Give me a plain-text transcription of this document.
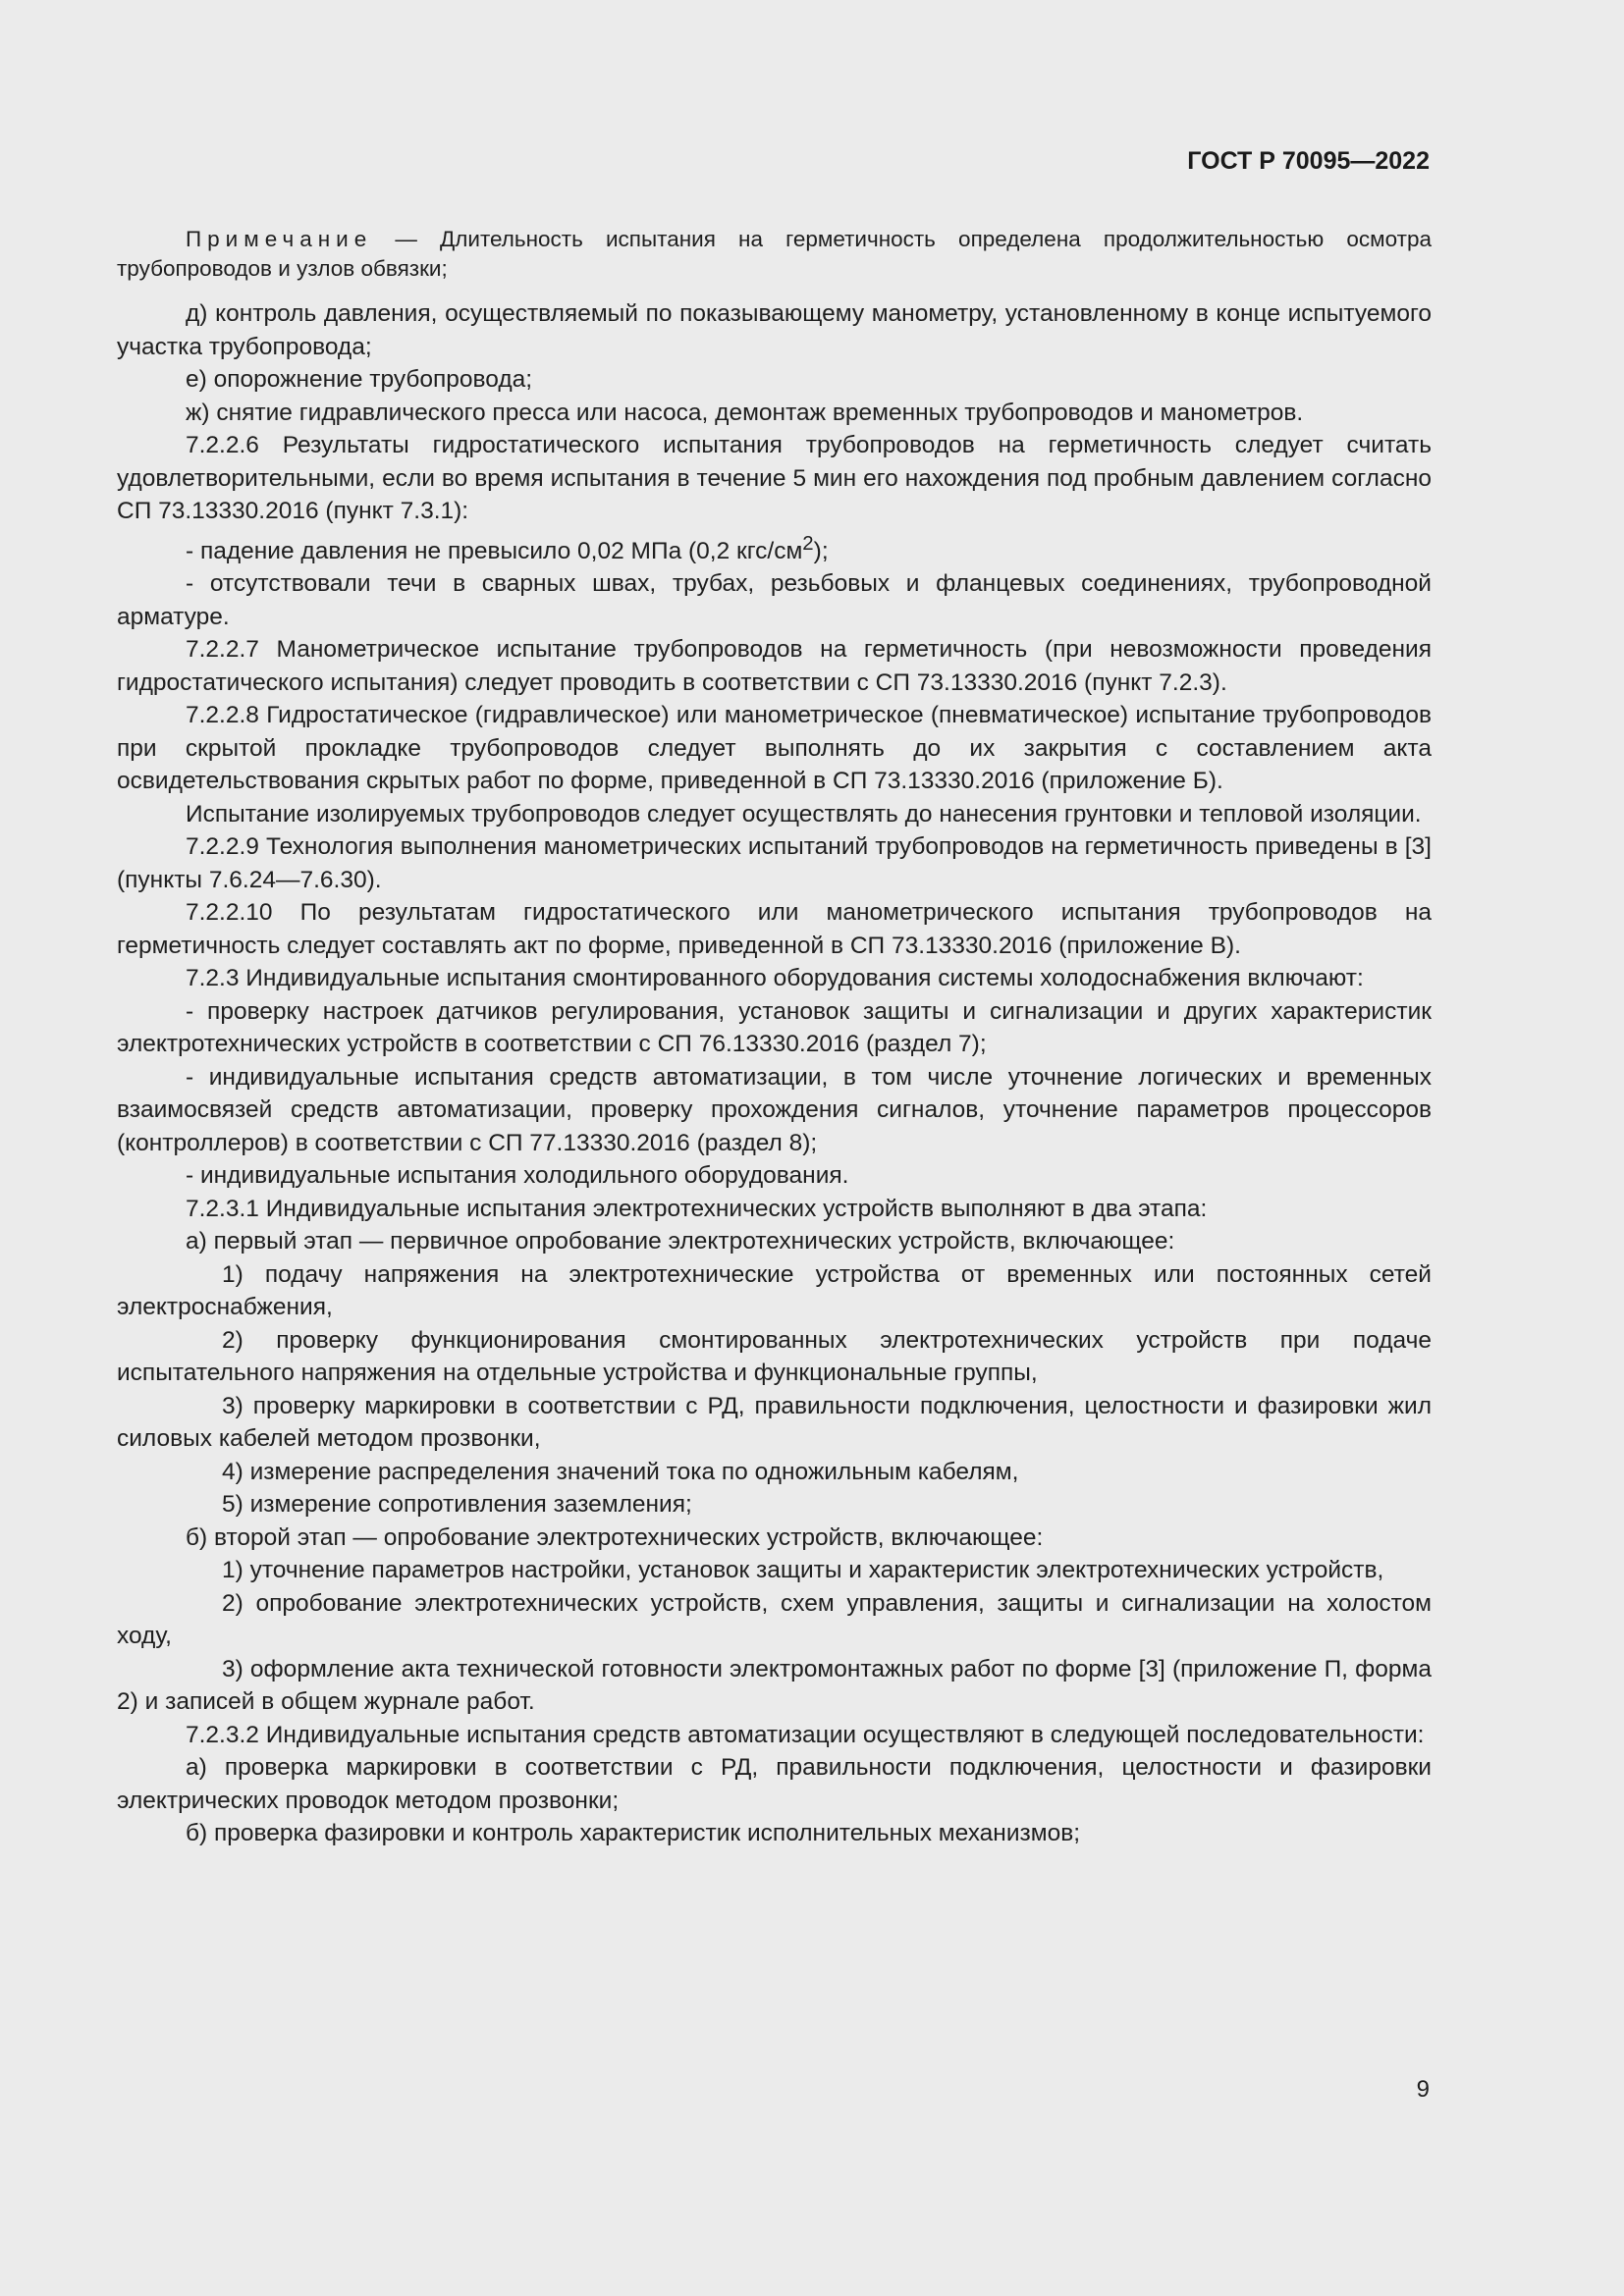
ГОСТ Р 70095—2022

Примечание — Длительность испытания на герметичность определена продолжительностью осмотра трубопроводов и узлов обвязки;

д) контроль давления, осуществляемый по показывающему манометру, установленному в конце испытуемого участка трубопровода;

е) опорожнение трубопровода;

ж) снятие гидравлического пресса или насоса, демонтаж временных трубопроводов и манометров.

7.2.2.6 Результаты гидростатического испытания трубопроводов на герметичность следует считать удовлетворительными, если во время испытания в течение 5 мин его нахождения под пробным давлением согласно СП 73.13330.2016 (пункт 7.3.1):

- падение давления не превысило 0,02 МПа (0,2 кгс/$см^2$);

- отсутствовали течи в сварных швах, трубах, резьбовых и фланцевых соединениях, трубопроводной арматуре.

7.2.2.7 Манометрическое испытание трубопроводов на герметичность (при невозможности проведения гидростатического испытания) следует проводить в соответствии с СП 73.13330.2016 (пункт 7.2.3).

7.2.2.8 Гидростатическое (гидравлическое) или манометрическое (пневматическое) испытание трубопроводов при скрытой прокладке трубопроводов следует выполнять до их закрытия с составлением акта освидетельствования скрытых работ по форме, приведенной в СП 73.13330.2016 (приложение Б).

Испытание изолируемых трубопроводов следует осуществлять до нанесения грунтовки и тепловой изоляции.

7.2.2.9 Технология выполнения манометрических испытаний трубопроводов на герметичность приведены в [3] (пункты 7.6.24—7.6.30).

7.2.2.10 По результатам гидростатического или манометрического испытания трубопроводов на герметичность следует составлять акт по форме, приведенной в СП 73.13330.2016 (приложение В).

7.2.3 Индивидуальные испытания смонтированного оборудования системы холодоснабжения включают:

- проверку настроек датчиков регулирования, установок защиты и сигнализации и других характеристик электротехнических устройств в соответствии с СП 76.13330.2016 (раздел 7);

- индивидуальные испытания средств автоматизации, в том числе уточнение логических и временных взаимосвязей средств автоматизации, проверку прохождения сигналов, уточнение параметров процессоров (контроллеров) в соответствии с СП 77.13330.2016 (раздел 8);

- индивидуальные испытания холодильного оборудования.

7.2.3.1 Индивидуальные испытания электротехнических устройств выполняют в два этапа:

а) первый этап — первичное опробование электротехнических устройств, включающее:

1) подачу напряжения на электротехнические устройства от временных или постоянных сетей электроснабжения,

2) проверку функционирования смонтированных электротехнических устройств при подаче испытательного напряжения на отдельные устройства и функциональные группы,

3) проверку маркировки в соответствии с РД, правильности подключения, целостности и фазировки жил силовых кабелей методом прозвонки,

4) измерение распределения значений тока по одножильным кабелям,

5) измерение сопротивления заземления;

б) второй этап — опробование электротехнических устройств, включающее:

1) уточнение параметров настройки, установок защиты и характеристик электротехнических устройств,

2) опробование электротехнических устройств, схем управления, защиты и сигнализации на холостом ходу,

3) оформление акта технической готовности электромонтажных работ по форме [3] (приложение П, форма 2) и записей в общем журнале работ.

7.2.3.2 Индивидуальные испытания средств автоматизации осуществляют в следующей последовательности:

а) проверка маркировки в соответствии с РД, правильности подключения, целостности и фазировки электрических проводок методом прозвонки;

б) проверка фазировки и контроль характеристик исполнительных механизмов;

9
